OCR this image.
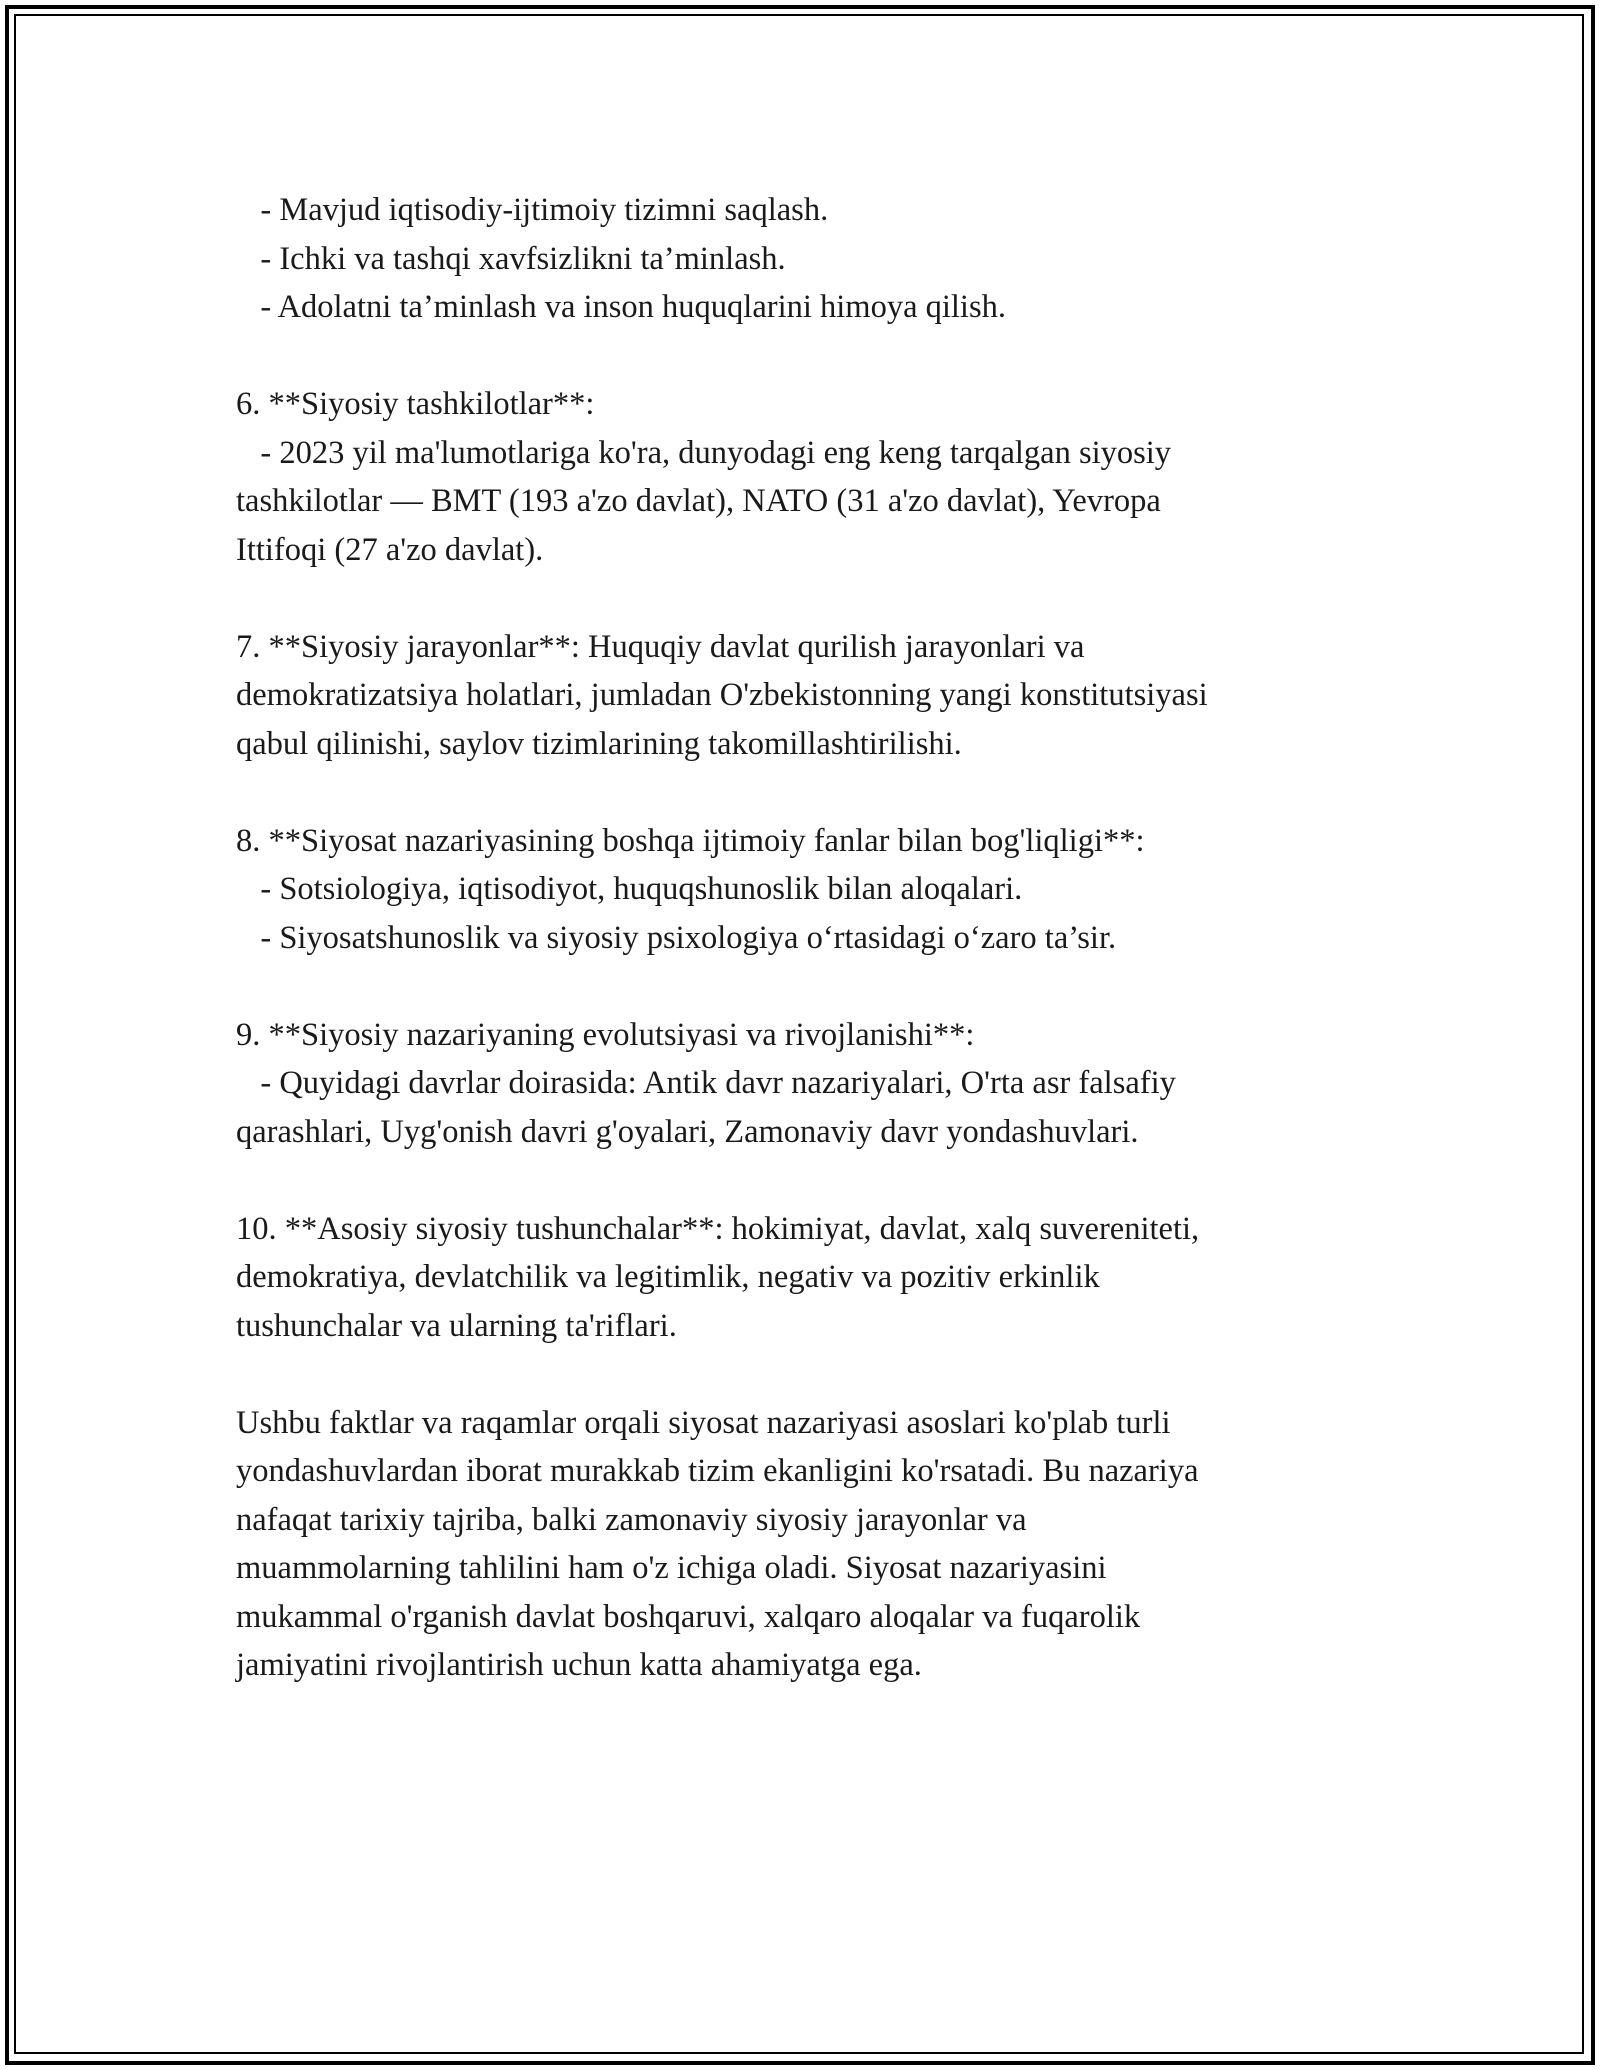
- Mavjud iqtisodiy-ijtimoiy tizimni saqlash.
- Ichki va tashqi xavfsizlikni ta’minlash.
- Adolatni ta’minlash va inson huquqlarini himoya qilish.
6. **Siyosiy tashkilotlar**:
- 2023 yil ma'lumotlariga ko'ra, dunyodagi eng keng tarqalgan siyosiy
tashkilotlar — BMT (193 a'zo davlat), NATO (31 a'zo davlat), Yevropa
Ittifoqi (27 a'zo davlat).
7. **Siyosiy jarayonlar**: Huquqiy davlat qurilish jarayonlari va
demokratizatsiya holatlari, jumladan O'zbekistonning yangi konstitutsiyasi
qabul qilinishi, saylov tizimlarining takomillashtirilishi.
8. **Siyosat nazariyasining boshqa ijtimoiy fanlar bilan bog'liqligi**:
- Sotsiologiya, iqtisodiyot, huquqshunoslik bilan aloqalari.
- Siyosatshunoslik va siyosiy psixologiya o‘rtasidagi o‘zaro ta’sir.
9. **Siyosiy nazariyaning evolutsiyasi va rivojlanishi**:
- Quyidagi davrlar doirasida: Antik davr nazariyalari, O'rta asr falsafiy
qarashlari, Uyg'onish davri g'oyalari, Zamonaviy davr yondashuvlari.
10. **Asosiy siyosiy tushunchalar**: hokimiyat, davlat, xalq suvereniteti,
demokratiya, devlatchilik va legitimlik, negativ va pozitiv erkinlik
tushunchalar va ularning ta'riflari.
Ushbu faktlar va raqamlar orqali siyosat nazariyasi asoslari ko'plab turli
yondashuvlardan iborat murakkab tizim ekanligini ko'rsatadi. Bu nazariya
nafaqat tarixiy tajriba, balki zamonaviy siyosiy jarayonlar va
muammolarning tahlilini ham o'z ichiga oladi. Siyosat nazariyasini
mukammal o'rganish davlat boshqaruvi, xalqaro aloqalar va fuqarolik
jamiyatini rivojlantirish uchun katta ahamiyatga ega.
